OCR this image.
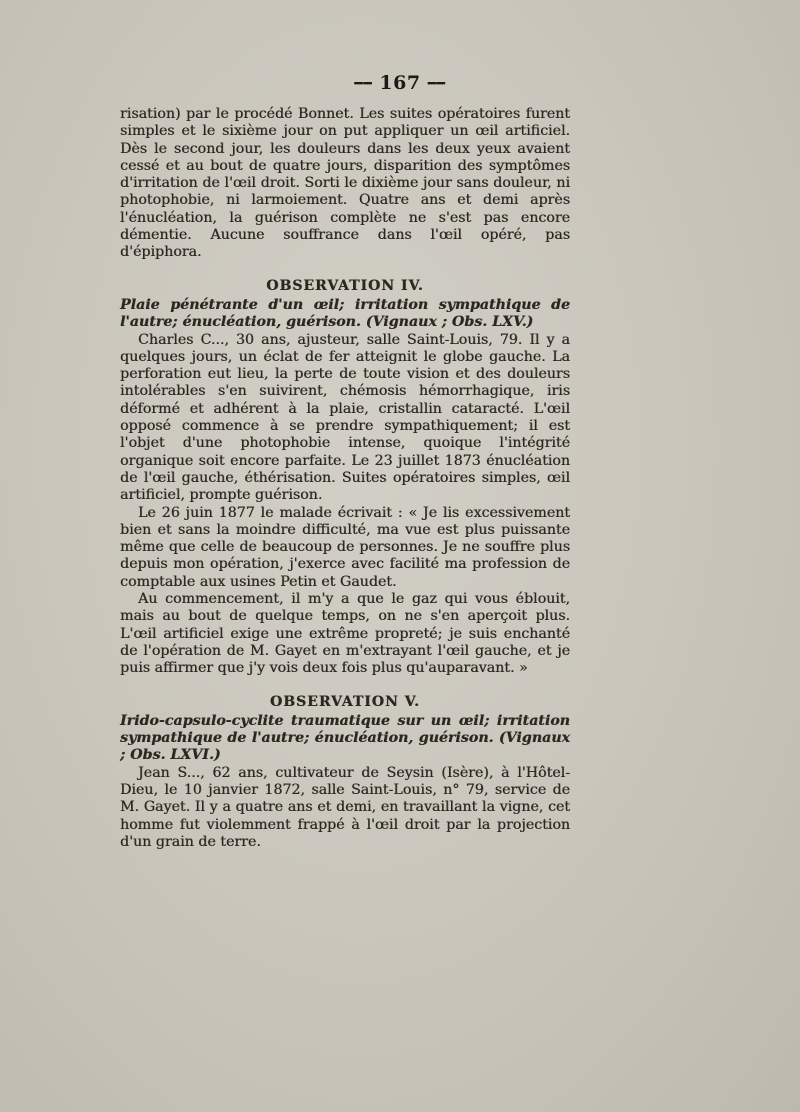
━━ 167 ━━

risation) par le procédé Bonnet. Les suites opératoires furent simples et le sixième jour on put appliquer un œil artificiel. Dès le second jour, les douleurs dans les deux yeux avaient cessé et au bout de quatre jours, disparition des symptômes d'irritation de l'œil droit. Sorti le dixième jour sans douleur, ni photophobie, ni larmoiement. Quatre ans et demi après l'énucléation, la guérison complète ne s'est pas encore démentie. Aucune souffrance dans l'œil opéré, pas d'épiphora.

OBSERVATION IV.

Plaie pénétrante d'un œil; irritation sympathique de l'autre; énucléation, guérison. (Vignaux ; Obs. LXV.)

Charles C..., 30 ans, ajusteur, salle Saint-Louis, 79. Il y a quelques jours, un éclat de fer atteignit le globe gauche. La perforation eut lieu, la perte de toute vision et des douleurs intolérables s'en suivirent, chémosis hémorrhagique, iris déformé et adhérent à la plaie, cristallin cataracté. L'œil opposé commence à se prendre sympathiquement; il est l'objet d'une photophobie intense, quoique l'intégrité organique soit encore parfaite. Le 23 juillet 1873 énucléation de l'œil gauche, éthérisation. Suites opératoires simples, œil artificiel, prompte guérison.

Le 26 juin 1877 le malade écrivait : « Je lis excessivement bien et sans la moindre difficulté, ma vue est plus puissante même que celle de beaucoup de personnes. Je ne souffre plus depuis mon opération, j'exerce avec facilité ma profession de comptable aux usines Petin et Gaudet.

Au commencement, il m'y a que le gaz qui vous éblouit, mais au bout de quelque temps, on ne s'en aperçoit plus. L'œil artificiel exige une extrême propreté; je suis enchanté de l'opération de M. Gayet en m'extrayant l'œil gauche, et je puis affirmer que j'y vois deux fois plus qu'auparavant. »

OBSERVATION V.

Irido-capsulo-cyclite traumatique sur un œil; irritation sympathique de l'autre; énucléation, guérison. (Vignaux ; Obs. LXVI.)

Jean S..., 62 ans, cultivateur de Seysin (Isère), à l'Hôtel-Dieu, le 10 janvier 1872, salle Saint-Louis, n° 79, service de M. Gayet. Il y a quatre ans et demi, en travaillant la vigne, cet homme fut violemment frappé à l'œil droit par la projection d'un grain de terre.
